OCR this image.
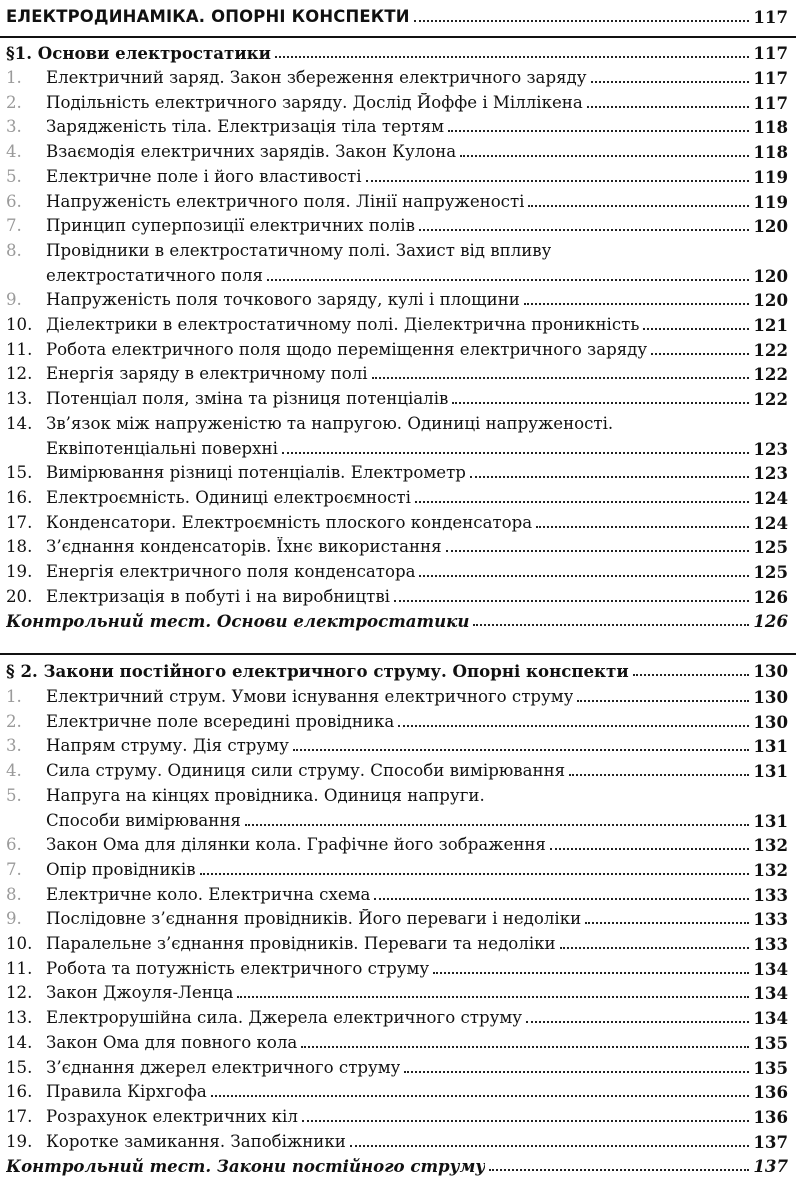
ЕЛЕКТРОДИНАМІКА. ОПОРНІ КОНСПЕКТИ	117
§1. Основи електростатики	117
1.	Електричний заряд. Закон збереження електричного заряду	117
2.	Подільність електричного заряду. Дослід Йоффе і Міллікена	117
3.	Зарядженість тіла. Електризація тіла тертям	118
4.	Взаємодія електричних зарядів. Закон Кулона	118
5.	Електричне поле і його властивості	119
6.	Напруженість електричного поля. Лінії напруженості	119
7.	Принцип суперпозиції електричних полів	120
8.	Провідники в електростатичному полі. Захист від впливу
електростатичного поля	120
9.	Напруженість поля точкового заряду, кулі і площини	120
10. Діелектрики в електростатичному полі. Діелектрична проникність	121
11. Робота електричного поля щодо переміщення електричного заряду	122
12. Енергія заряду в електричному полі	122
13. Потенціал поля, зміна та різниця потенціалів	122
14. Зв’язок між напруженістю та напругою. Одиниці напруженості.
Еквіпотенціальні поверхні	123
15. Вимірювання різниці потенціалів. Електрометр	123
16. Електроємність. Одиниці електроємності	124
17. Конденсатори. Електроємність плоского конденсатора	124
18. З’єднання конденсаторів. Їхнє використання	125
19. Енергія електричного поля конденсатора	125
20. Електризація в побуті і на виробництві	126
Контрольний тест. Основи електростатики	126
§ 2. Закони постійного електричного струму. Опорні конспекти	130
1.	Електричний струм. Умови існування електричного струму	130
2.	Електричне поле всередині провідника	130
3.	Напрям струму. Дія струму	131
4.	Сила струму. Одиниця сили струму. Способи вимірювання	131
5.	Напруга на кінцях провідника. Одиниця напруги.
Способи вимірювання	131
6.	Закон Ома для ділянки кола. Графічне його зображення	132
7.	Опір провідників	132
8.	Електричне коло. Електрична схема	133
9.	Послідовне з’єднання провідників. Його переваги і недоліки	133
10. Паралельне з’єднання провідників. Переваги та недоліки	133
11. Робота та потужність електричного струму	134
12. Закон Джоуля-Ленца	134
13. Електрорушійна сила. Джерела електричного струму	134
14. Закон Ома для повного кола	135
15. З’єднання джерел електричного струму	135
16. Правила Кірхгофа	136
17. Розрахунок електричних кіл	136
19. Коротке замикання. Запобіжники	137
Контрольний тест. Закони постійного струму	137
